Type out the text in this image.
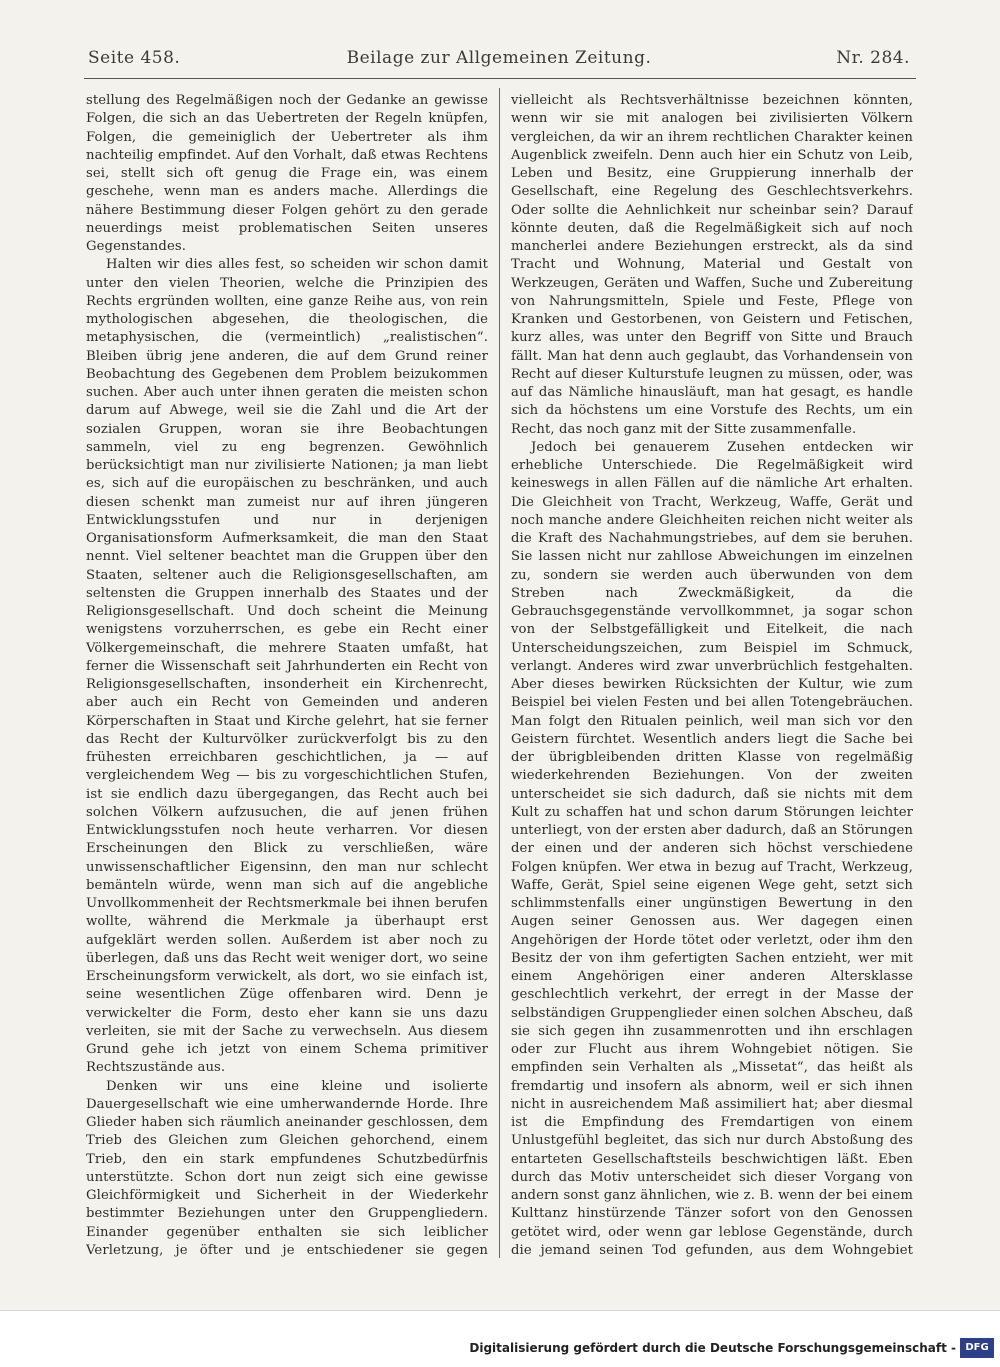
Seite 458.	Beilage zur Allgemeinen Zeitung.	Nr. 284.

stellung des Regelmäßigen noch der Gedanke an gewisse Folgen, die sich an das Uebertreten der Regeln knüpfen, Folgen, die gemeiniglich der Uebertreter als ihm nachteilig empfindet. Auf den Vorhalt, daß etwas Rechtens sei, stellt sich oft genug die Frage ein, was einem geschehe, wenn man es anders mache. Allerdings die nähere Bestimmung dieser Folgen gehört zu den gerade neuerdings meist problematischen Seiten unseres Gegenstandes.

Halten wir dies alles fest, so scheiden wir schon damit unter den vielen Theorien, welche die Prinzipien des Rechts ergründen wollten, eine ganze Reihe aus, von rein mythologischen abgesehen, die theologischen, die metaphysischen, die (vermeintlich) „realistischen“. Bleiben übrig jene anderen, die auf dem Grund reiner Beobachtung des Gegebenen dem Problem beizukommen suchen. Aber auch unter ihnen geraten die meisten schon darum auf Abwege, weil sie die Zahl und die Art der sozialen Gruppen, woran sie ihre Beobachtungen sammeln, viel zu eng begrenzen. Gewöhnlich berücksichtigt man nur zivilisierte Nationen; ja man liebt es, sich auf die europäischen zu beschränken, und auch diesen schenkt man zumeist nur auf ihren jüngeren Entwicklungsstufen und nur in derjenigen Organisationsform Aufmerksamkeit, die man den Staat nennt. Viel seltener beachtet man die Gruppen über den Staaten, seltener auch die Religionsgesellschaften, am seltensten die Gruppen innerhalb des Staates und der Religionsgesellschaft. Und doch scheint die Meinung wenigstens vorzuherrschen, es gebe ein Recht einer Völkergemeinschaft, die mehrere Staaten umfaßt, hat ferner die Wissenschaft seit Jahrhunderten ein Recht von Religionsgesellschaften, insonderheit ein Kirchenrecht, aber auch ein Recht von Gemeinden und anderen Körperschaften in Staat und Kirche gelehrt, hat sie ferner das Recht der Kulturvölker zurückverfolgt bis zu den frühesten erreichbaren geschichtlichen, ja — auf vergleichendem Weg — bis zu vorgeschichtlichen Stufen, ist sie endlich dazu übergegangen, das Recht auch bei solchen Völkern aufzusuchen, die auf jenen frühen Entwicklungsstufen noch heute verharren. Vor diesen Erscheinungen den Blick zu verschließen, wäre unwissenschaftlicher Eigensinn, den man nur schlecht bemänteln würde, wenn man sich auf die angebliche Unvollkommenheit der Rechtsmerkmale bei ihnen berufen wollte, während die Merkmale ja überhaupt erst aufgeklärt werden sollen. Außerdem ist aber noch zu überlegen, daß uns das Recht weit weniger dort, wo seine Erscheinungsform verwickelt, als dort, wo sie einfach ist, seine wesentlichen Züge offenbaren wird. Denn je verwickelter die Form, desto eher kann sie uns dazu verleiten, sie mit der Sache zu verwechseln. Aus diesem Grund gehe ich jetzt von einem Schema primitiver Rechtszustände aus.

Denken wir uns eine kleine und isolierte Dauergesellschaft wie eine umherwandernde Horde. Ihre Glieder haben sich räumlich aneinander geschlossen, dem Trieb des Gleichen zum Gleichen gehorchend, einem Trieb, den ein stark empfundenes Schutzbedürfnis unterstützte. Schon dort nun zeigt sich eine gewisse Gleichförmigkeit und Sicherheit in der Wiederkehr bestimmter Beziehungen unter den Gruppengliedern. Einander gegenüber enthalten sie sich leiblicher Verletzung, je öfter und je entschiedener sie gegen

vielleicht als Rechtsverhältnisse bezeichnen könnten, wenn wir sie mit analogen bei zivilisierten Völkern vergleichen, da wir an ihrem rechtlichen Charakter keinen Augenblick zweifeln. Denn auch hier ein Schutz von Leib, Leben und Besitz, eine Gruppierung innerhalb der Gesellschaft, eine Regelung des Geschlechtsverkehrs. Oder sollte die Aehnlichkeit nur scheinbar sein? Darauf könnte deuten, daß die Regelmäßigkeit sich auf noch mancherlei andere Beziehungen erstreckt, als da sind Tracht und Wohnung, Material und Gestalt von Werkzeugen, Geräten und Waffen, Suche und Zubereitung von Nahrungsmitteln, Spiele und Feste, Pflege von Kranken und Gestorbenen, von Geistern und Fetischen, kurz alles, was unter den Begriff von Sitte und Brauch fällt. Man hat denn auch geglaubt, das Vorhandensein von Recht auf dieser Kulturstufe leugnen zu müssen, oder, was auf das Nämliche hinausläuft, man hat gesagt, es handle sich da höchstens um eine Vorstufe des Rechts, um ein Recht, das noch ganz mit der Sitte zusammenfalle.

Jedoch bei genauerem Zusehen entdecken wir erhebliche Unterschiede. Die Regelmäßigkeit wird keineswegs in allen Fällen auf die nämliche Art erhalten. Die Gleichheit von Tracht, Werkzeug, Waffe, Gerät und noch manche andere Gleichheiten reichen nicht weiter als die Kraft des Nachahmungstriebes, auf dem sie beruhen. Sie lassen nicht nur zahllose Abweichungen im einzelnen zu, sondern sie werden auch überwunden von dem Streben nach Zweckmäßigkeit, da die Gebrauchsgegenstände vervollkommnet, ja sogar schon von der Selbstgefälligkeit und Eitelkeit, die nach Unterscheidungszeichen, zum Beispiel im Schmuck, verlangt. Anderes wird zwar unverbrüchlich festgehalten. Aber dieses bewirken Rücksichten der Kultur, wie zum Beispiel bei vielen Festen und bei allen Totengebräuchen. Man folgt den Ritualen peinlich, weil man sich vor den Geistern fürchtet. Wesentlich anders liegt die Sache bei der übrigbleibenden dritten Klasse von regelmäßig wiederkehrenden Beziehungen. Von der zweiten unterscheidet sie sich dadurch, daß sie nichts mit dem Kult zu schaffen hat und schon darum Störungen leichter unterliegt, von der ersten aber dadurch, daß an Störungen der einen und der anderen sich höchst verschiedene Folgen knüpfen. Wer etwa in bezug auf Tracht, Werkzeug, Waffe, Gerät, Spiel seine eigenen Wege geht, setzt sich schlimmstenfalls einer ungünstigen Bewertung in den Augen seiner Genossen aus. Wer dagegen einen Angehörigen der Horde tötet oder verletzt, oder ihm den Besitz der von ihm gefertigten Sachen entzieht, wer mit einem Angehörigen einer anderen Altersklasse geschlechtlich verkehrt, der erregt in der Masse der selbständigen Gruppenglieder einen solchen Abscheu, daß sie sich gegen ihn zusammenrotten und ihn erschlagen oder zur Flucht aus ihrem Wohngebiet nötigen. Sie empfinden sein Verhalten als „Missetat“, das heißt als fremdartig und insofern als abnorm, weil er sich ihnen nicht in ausreichendem Maß assimiliert hat; aber diesmal ist die Empfindung des Fremdartigen von einem Unlustgefühl begleitet, das sich nur durch Abstoßung des entarteten Gesellschaftsteils beschwichtigen läßt. Eben durch das Motiv unterscheidet sich dieser Vorgang von andern sonst ganz ähnlichen, wie z. B. wenn der bei einem Kulttanz hinstürzende Tänzer sofort von den Genossen getötet wird, oder wenn gar leblose Gegenstände, durch die jemand seinen Tod gefunden, aus dem Wohngebiet

Digitalisierung gefördert durch die Deutsche Forschungsgemeinschaft - DFG
